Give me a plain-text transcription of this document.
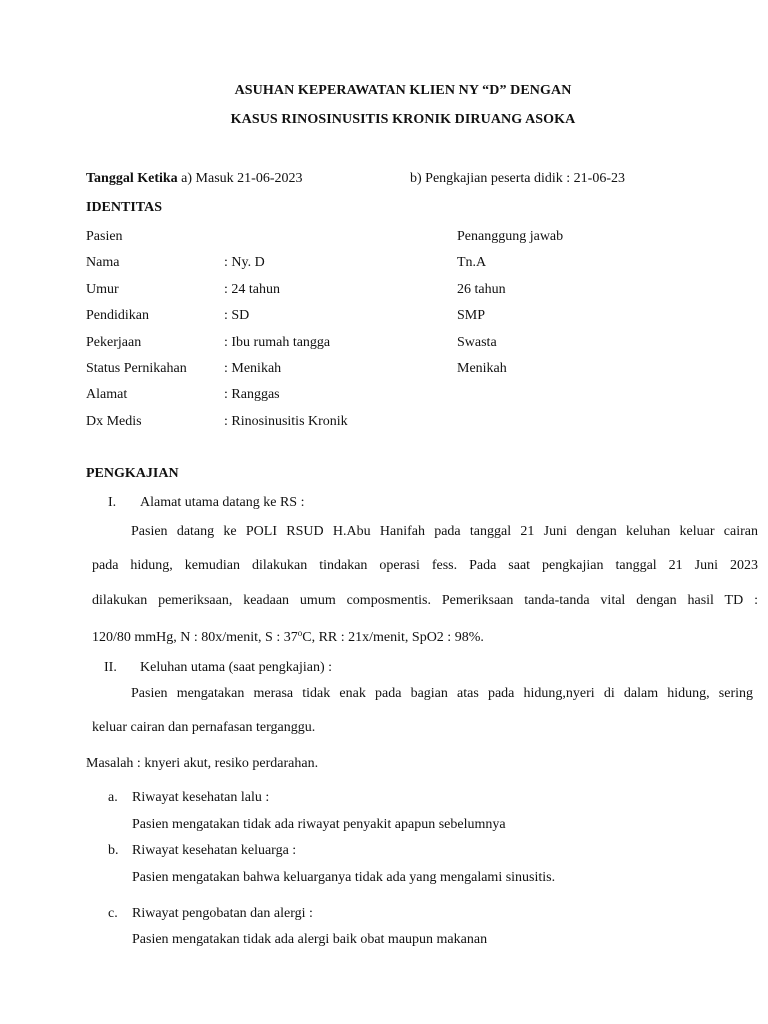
ASUHAN KEPERAWATAN KLIEN NY “D” DENGAN
KASUS RINOSINUSITIS KRONIK DIRUANG ASOKA
Tanggal Ketika a) Masuk 21-06-2023	b) Pengkajian peserta didik : 21-06-23
IDENTITAS
Pasien	Penanggung jawab
Nama	: Ny. D	Tn.A
Umur	: 24 tahun	26 tahun
Pendidikan	: SD	SMP
Pekerjaan	: Ibu rumah tangga	Swasta
Status Pernikahan	: Menikah	Menikah
Alamat	: Ranggas
Dx Medis	: Rinosinusitis Kronik
PENGKAJIAN
I. Alamat utama datang ke RS :
Pasien datang ke POLI RSUD H.Abu Hanifah pada tanggal 21 Juni dengan keluhan keluar cairan
pada hidung, kemudian dilakukan tindakan operasi fess. Pada saat pengkajian tanggal 21 Juni 2023
dilakukan pemeriksaan, keadaan umum composmentis. Pemeriksaan tanda-tanda vital dengan hasil TD :
120/80 mmHg, N : 80x/menit, S : 37$^o$C, RR : 21x/menit, SpO2 : 98%.
II. Keluhan utama (saat pengkajian) :
Pasien mengatakan merasa tidak enak pada bagian atas pada hidung,nyeri di dalam hidung, sering
keluar cairan dan pernafasan terganggu.
Masalah : knyeri akut, resiko perdarahan.
a. Riwayat kesehatan lalu :
Pasien mengatakan tidak ada riwayat penyakit apapun sebelumnya
b. Riwayat kesehatan keluarga :
Pasien mengatakan bahwa keluarganya tidak ada yang mengalami sinusitis.
c. Riwayat pengobatan dan alergi :
Pasien mengatakan tidak ada alergi baik obat maupun makanan
